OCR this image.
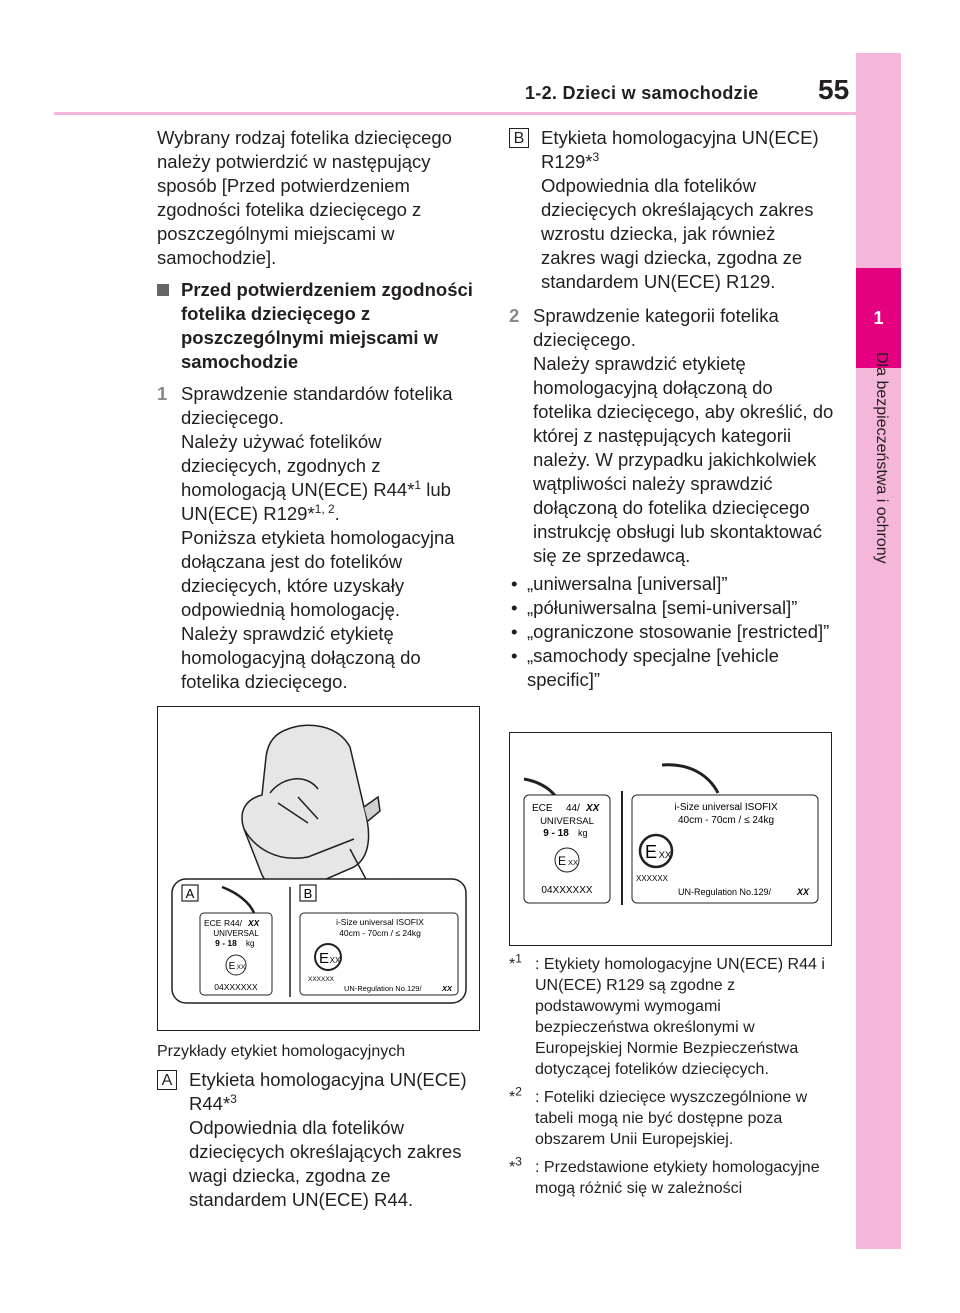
1
Dla bezpieczeństwa i ochrony
1-2. Dzieci w samochodzie 55

Wybrany rodzaj fotelika dziecięcego należy potwierdzić w następujący sposób [Przed potwierdzeniem zgodności fotelika dziecięcego z poszczególnymi miejscami w samochodzie].

Przed potwierdzeniem zgodności fotelika dziecięcego z poszczególnymi miejscami w samochodzie
1 Sprawdzenie standardów fotelika dziecięcego.
Należy używać fotelików dziecięcych, zgodnych z homologacją UN(ECE) R44*$^1$ lub UN(ECE) R129*$^{1, 2}$.
Poniższa etykieta homologacyjna dołączana jest do fotelików dziecięcych, które uzyskały odpowiednią homologację.
Należy sprawdzić etykietę homologacyjną dołączoną do fotelika dziecięcego.
A	B
ECE R44/ XX
UNIVERSAL
9 - 18 kg
E XX
04XXXXXX
i-Size universal ISOFIX
40cm - 70cm / ≤ 24kg
E XX
XXXXXX
UN-Regulation No.129/	XX
Przykłady etykiet homologacyjnych
A Etykieta homologacyjna UN(ECE) R44*$^3$
Odpowiednia dla fotelików dziecięcych określających zakres wagi dziecka, zgodna ze standardem UN(ECE) R44.
B Etykieta homologacyjna UN(ECE) R129*$^3$
Odpowiednia dla fotelików dziecięcych określających zakres wzrostu dziecka, jak również zakres wagi dziecka, zgodna ze standardem UN(ECE) R129.
2 Sprawdzenie kategorii fotelika dziecięcego.
Należy sprawdzić etykietę homologacyjną dołączoną do fotelika dziecięcego, aby określić, do której z następujących kategorii należy. W przypadku jakichkolwiek wątpliwości należy sprawdzić dołączoną do fotelika dziecięcego instrukcję obsługi lub skontaktować się ze sprzedawcą.
• „uniwersalna [universal]”
• „półuniwersalna [semi-universal]”
• „ograniczone stosowanie [restricted]”
• „samochody specjalne [vehicle specific]”
ECE 44/ XX
UNIVERSAL
9 - 18 kg
E XX
04XXXXXX
i-Size universal ISOFIX
40cm - 70cm / ≤ 24kg
E XX
XXXXXX
UN-Regulation No.129/	XX
*$^1$ : Etykiety homologacyjne UN(ECE) R44 i UN(ECE) R129 są zgodne z podstawowymi wymogami bezpieczeństwa określonymi w Europejskiej Normie Bezpieczeństwa dotyczącej fotelików dziecięcych.
*$^2$ : Foteliki dziecięce wyszczególnione w tabeli mogą nie być dostępne poza obszarem Unii Europejskiej.
*$^3$ : Przedstawione etykiety homologacyjne mogą różnić się w zależności
